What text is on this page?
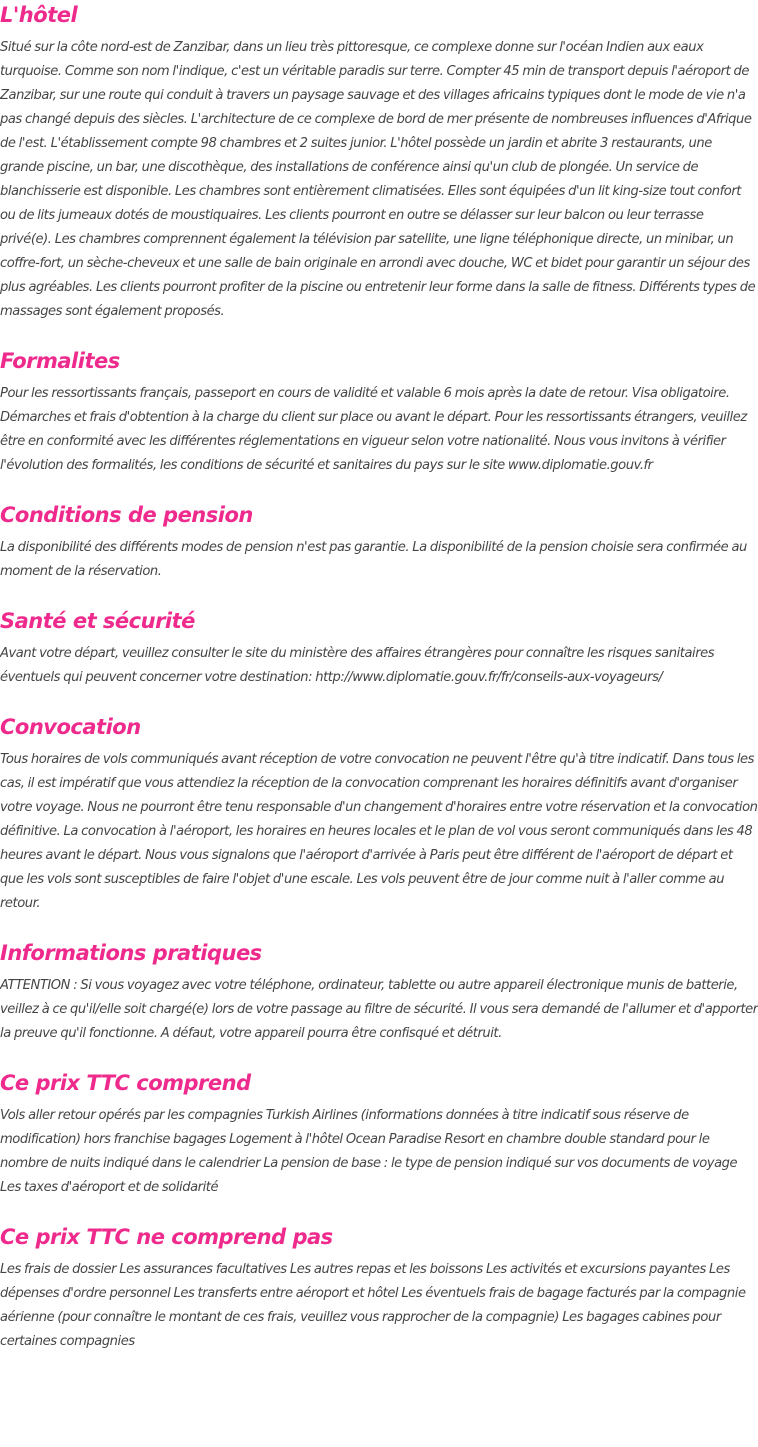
L'hôtel

Situé sur la côte nord-est de Zanzibar, dans un lieu très pittoresque, ce complexe donne sur l'océan Indien aux eaux turquoise. Comme son nom l'indique, c'est un véritable paradis sur terre. Compter 45 min de transport depuis l'aéroport de Zanzibar, sur une route qui conduit à travers un paysage sauvage et des villages africains typiques dont le mode de vie n'a pas changé depuis des siècles. L'architecture de ce complexe de bord de mer présente de nombreuses influences d'Afrique de l'est. L'établissement compte 98 chambres et 2 suites junior. L'hôtel possède un jardin et abrite 3 restaurants, une grande piscine, un bar, une discothèque, des installations de conférence ainsi qu'un club de plongée. Un service de blanchisserie est disponible. Les chambres sont entièrement climatisées. Elles sont équipées d'un lit king-size tout confort ou de lits jumeaux dotés de moustiquaires. Les clients pourront en outre se délasser sur leur balcon ou leur terrasse privé(e). Les chambres comprennent également la télévision par satellite, une ligne téléphonique directe, un minibar, un coffre-fort, un sèche-cheveux et une salle de bain originale en arrondi avec douche, WC et bidet pour garantir un séjour des plus agréables. Les clients pourront profiter de la piscine ou entretenir leur forme dans la salle de fitness. Différents types de massages sont également proposés.

Formalites

Pour les ressortissants français, passeport en cours de validité et valable 6 mois après la date de retour. Visa obligatoire. Démarches et frais d'obtention à la charge du client sur place ou avant le départ. Pour les ressortissants étrangers, veuillez être en conformité avec les différentes réglementations en vigueur selon votre nationalité. Nous vous invitons à vérifier l'évolution des formalités, les conditions de sécurité et sanitaires du pays sur le site www.diplomatie.gouv.fr

Conditions de pension

La disponibilité des différents modes de pension n'est pas garantie. La disponibilité de la pension choisie sera confirmée au moment de la réservation.

Santé et sécurité

Avant votre départ, veuillez consulter le site du ministère des affaires étrangères pour connaître les risques sanitaires éventuels qui peuvent concerner votre destination: http://www.diplomatie.gouv.fr/fr/conseils-aux-voyageurs/

Convocation

Tous horaires de vols communiqués avant réception de votre convocation ne peuvent l'être qu'à titre indicatif. Dans tous les cas, il est impératif que vous attendiez la réception de la convocation comprenant les horaires définitifs avant d'organiser votre voyage. Nous ne pourront être tenu responsable d'un changement d'horaires entre votre réservation et la convocation définitive. La convocation à l'aéroport, les horaires en heures locales et le plan de vol vous seront communiqués dans les 48 heures avant le départ. Nous vous signalons que l'aéroport d'arrivée à Paris peut être différent de l'aéroport de départ et que les vols sont susceptibles de faire l'objet d'une escale. Les vols peuvent être de jour comme nuit à l'aller comme au retour.

Informations pratiques

ATTENTION : Si vous voyagez avec votre téléphone, ordinateur, tablette ou autre appareil électronique munis de batterie, veillez à ce qu'il/elle soit chargé(e) lors de votre passage au filtre de sécurité. Il vous sera demandé de l'allumer et d'apporter la preuve qu'il fonctionne. A défaut, votre appareil pourra être confisqué et détruit.

Ce prix TTC comprend

Vols aller retour opérés par les compagnies Turkish Airlines (informations données à titre indicatif sous réserve de modification) hors franchise bagages Logement à l'hôtel Ocean Paradise Resort en chambre double standard pour le nombre de nuits indiqué dans le calendrier La pension de base : le type de pension indiqué sur vos documents de voyage Les taxes d'aéroport et de solidarité

Ce prix TTC ne comprend pas

Les frais de dossier Les assurances facultatives Les autres repas et les boissons Les activités et excursions payantes Les dépenses d'ordre personnel Les transferts entre aéroport et hôtel Les éventuels frais de bagage facturés par la compagnie aérienne (pour connaître le montant de ces frais, veuillez vous rapprocher de la compagnie) Les bagages cabines pour certaines compagnies
